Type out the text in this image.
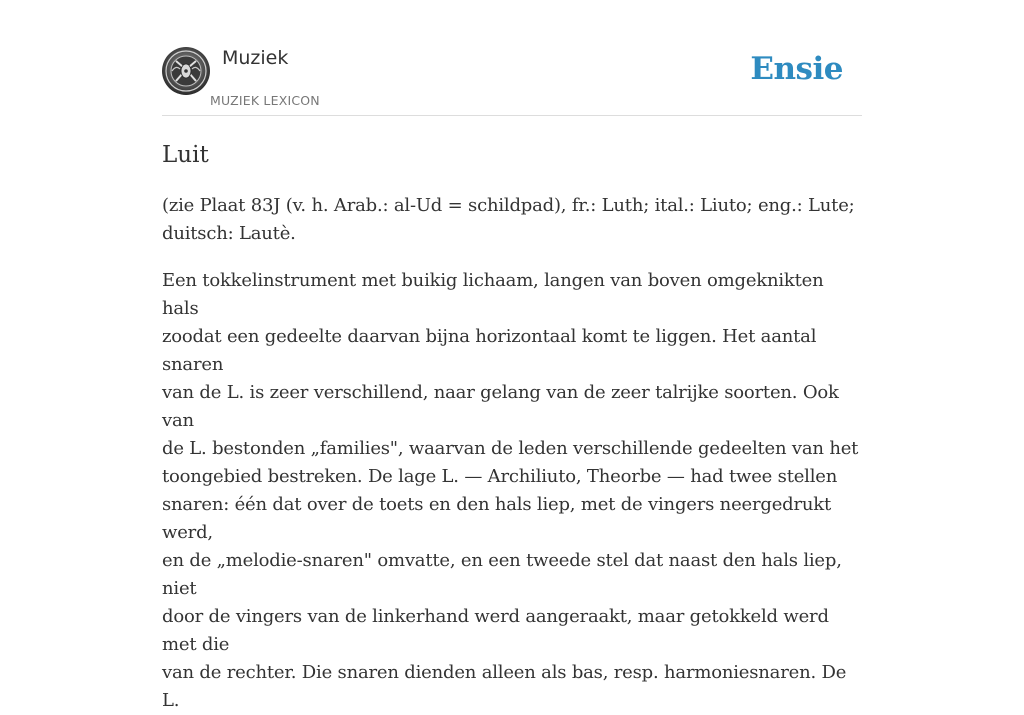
Muziek
MUZIEK LEXICON
Ensie
Luit

(zie Plaat 83J (v. h. Arab.: al-Ud = schildpad), fr.: Luth; ital.: Liuto; eng.: Lute;
duitsch: Lautè.

Een tokkelinstrument met buikig lichaam, langen van boven omgeknikten hals
zoodat een gedeelte daarvan bijna horizontaal komt te liggen. Het aantal snaren
van de L. is zeer verschillend, naar gelang van de zeer talrijke soorten. Ook van
de L. bestonden „families", waarvan de leden verschillende gedeelten van het
toongebied bestreken. De lage L. — Archiliuto, Theorbe — had twee stellen
snaren: één dat over de toets en den hals liep, met de vingers neergedrukt werd,
en de „melodie-snaren" omvatte, en een tweede stel dat naast den hals liep, niet
door de vingers van de linkerhand werd aangeraakt, maar getokkeld werd met die
van de rechter. Die snaren dienden alleen als bas, resp. harmoniesnaren. De L.
